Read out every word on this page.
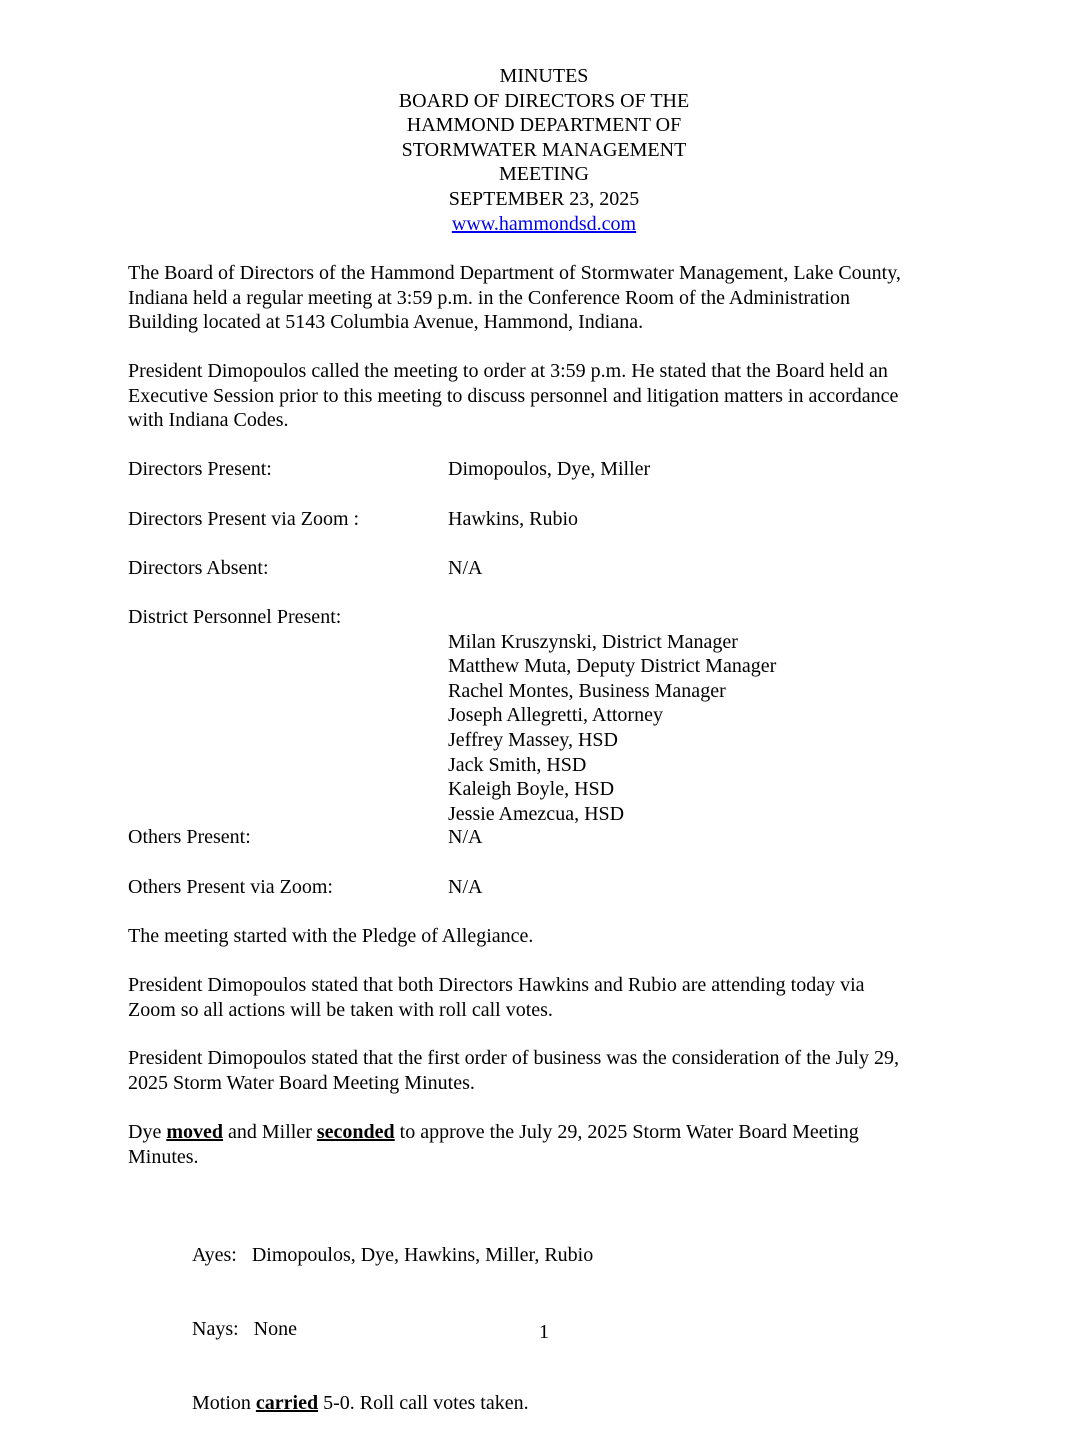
MINUTES
BOARD OF DIRECTORS OF THE
HAMMOND DEPARTMENT OF
STORMWATER MANAGEMENT
MEETING
SEPTEMBER 23, 2025
www.hammondsd.com
The Board of Directors of the Hammond Department of Stormwater Management, Lake County,
Indiana held a regular meeting at 3:59 p.m. in the Conference Room of the Administration
Building located at 5143 Columbia Avenue, Hammond, Indiana.
President Dimopoulos called the meeting to order at 3:59 p.m. He stated that the Board held an
Executive Session prior to this meeting to discuss personnel and litigation matters in accordance
with Indiana Codes.
Directors Present:	Dimopoulos, Dye, Miller
Directors Present via Zoom :	Hawkins, Rubio
Directors Absent:	N/A
District Personnel Present:
Milan Kruszynski, District Manager
Matthew Muta, Deputy District Manager
Rachel Montes, Business Manager
Joseph Allegretti, Attorney
Jeffrey Massey, HSD
Jack Smith, HSD
Kaleigh Boyle, HSD
Jessie Amezcua, HSD
Others Present:	N/A
Others Present via Zoom:	N/A
The meeting started with the Pledge of Allegiance.
President Dimopoulos stated that both Directors Hawkins and Rubio are attending today via
Zoom so all actions will be taken with roll call votes.
President Dimopoulos stated that the first order of business was the consideration of the July 29,
2025 Storm Water Board Meeting Minutes.
Dye moved and Miller seconded to approve the July 29, 2025 Storm Water Board Meeting
Minutes.

Ayes:   Dimopoulos, Dye, Hawkins, Miller, Rubio

Nays:   None

Motion carried 5-0. Roll call votes taken.

1
